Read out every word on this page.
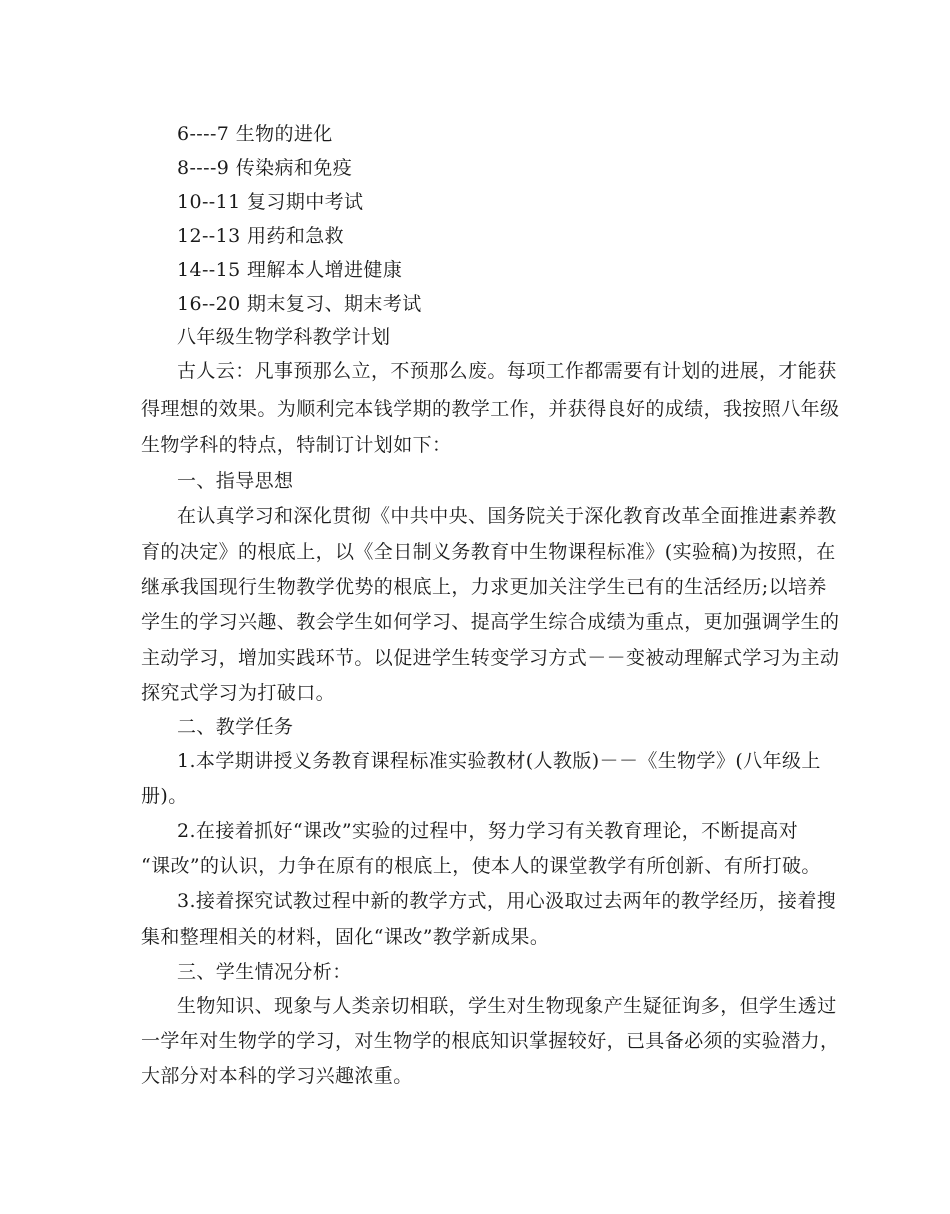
6----7 生物的进化
8----9 传染病和免疫
10--11 复习期中考试
12--13 用药和急救
14--15 理解本人增进健康
16--20 期末复习、期末考试
八年级生物学科教学计划
古人云：凡事预那么立，不预那么废。每项工作都需要有计划的进展，才能获
得理想的效果。为顺利完本钱学期的教学工作，并获得良好的成绩，我按照八年级
生物学科的特点，特制订计划如下：
一、指导思想
在认真学习和深化贯彻《中共中央、国务院关于深化教育改革全面推进素养教
育的决定》的根底上，以《全日制义务教育中生物课程标准》(实验稿)为按照，在
继承我国现行生物教学优势的根底上，力求更加关注学生已有的生活经历;以培养
学生的学习兴趣、教会学生如何学习、提高学生综合成绩为重点，更加强调学生的
主动学习，增加实践环节。以促进学生转变学习方式－－变被动理解式学习为主动
探究式学习为打破口。
二、教学任务
1.本学期讲授义务教育课程标准实验教材(人教版)－－《生物学》(八年级上
册)。
2.在接着抓好“课改”实验的过程中，努力学习有关教育理论，不断提高对
“课改”的认识，力争在原有的根底上，使本人的课堂教学有所创新、有所打破。
3.接着探究试教过程中新的教学方式，用心汲取过去两年的教学经历，接着搜
集和整理相关的材料，固化“课改”教学新成果。
三、学生情况分析：
生物知识、现象与人类亲切相联，学生对生物现象产生疑征询多，但学生透过
一学年对生物学的学习，对生物学的根底知识掌握较好，已具备必须的实验潜力，
大部分对本科的学习兴趣浓重。
